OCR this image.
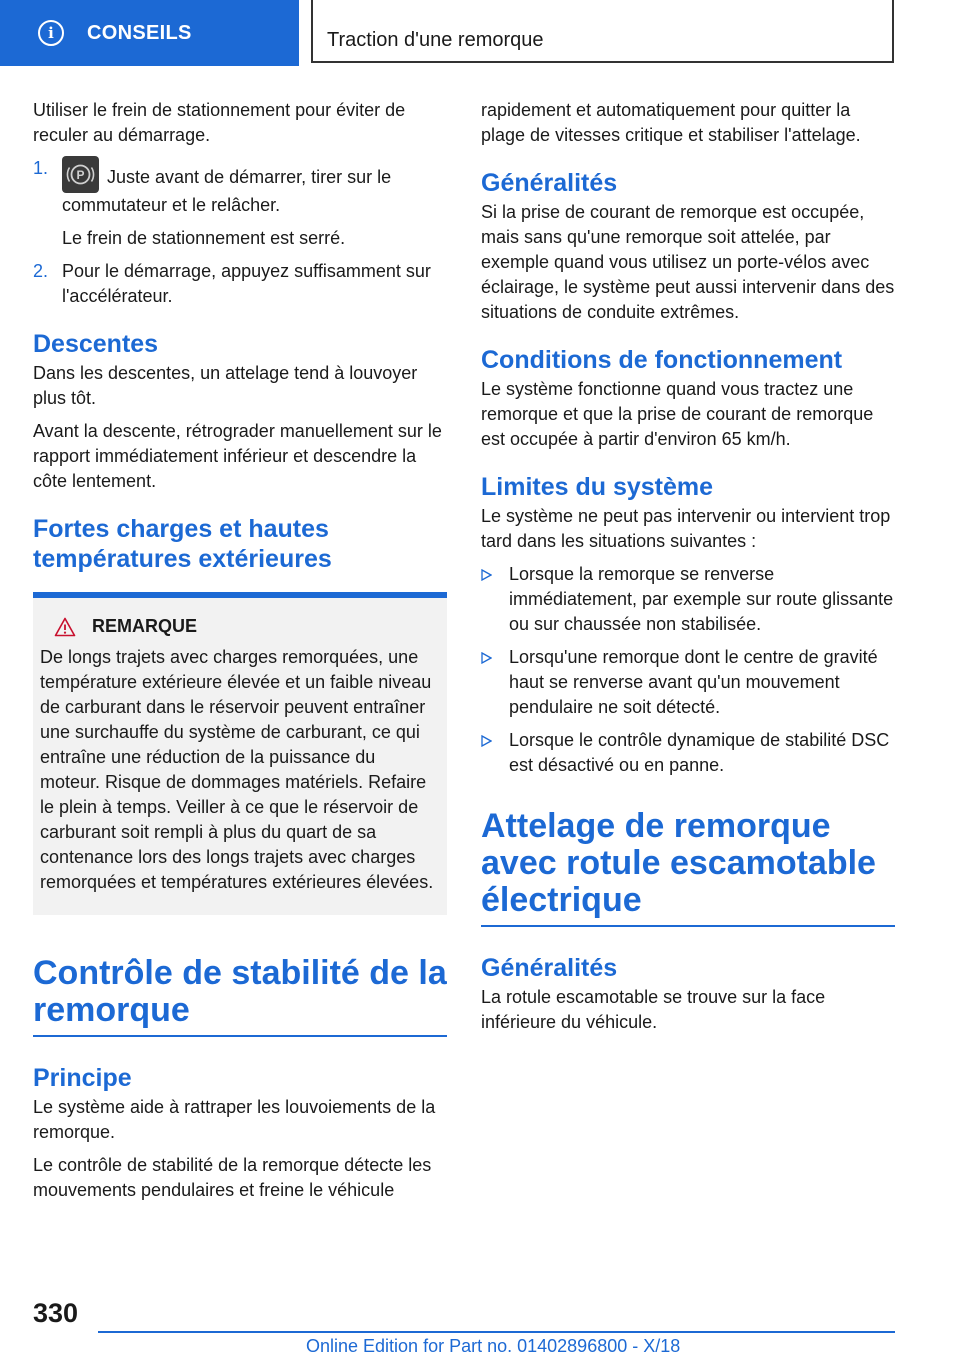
i	CONSEILS	Traction d'une remorque

Utiliser le frein de stationnement pour éviter de reculer au démarrage.

1. P Juste avant de démarrer, tirer sur le commutateur et le relâcher.

Le frein de stationnement est serré.

2. Pour le démarrage, appuyez suffisamment sur l'accélérateur.

Descentes

Dans les descentes, un attelage tend à louvoyer plus tôt.

Avant la descente, rétrograder manuellement sur le rapport immédiatement inférieur et descendre la côte lentement.

Fortes charges et hautes températures extérieures
REMARQUE

De longs trajets avec charges remorquées, une température extérieure élevée et un faible niveau de carburant dans le réservoir peuvent entraîner une surchauffe du système de carburant, ce qui entraîne une réduction de la puissance du moteur. Risque de dommages matériels. Refaire le plein à temps. Veiller à ce que le réservoir de carburant soit rempli à plus du quart de sa contenance lors des longs trajets avec charges remorquées et températures extérieures élevées.

Contrôle de stabilité de la remorque
Principe

Le système aide à rattraper les louvoiements de la remorque.

Le contrôle de stabilité de la remorque détecte les mouvements pendulaires et freine le véhicule

rapidement et automatiquement pour quitter la plage de vitesses critique et stabiliser l'attelage.

Généralités

Si la prise de courant de remorque est occupée, mais sans qu'une remorque soit attelée, par exemple quand vous utilisez un porte-vélos avec éclairage, le système peut aussi intervenir dans des situations de conduite extrêmes.

Conditions de fonctionnement

Le système fonctionne quand vous tractez une remorque et que la prise de courant de remorque est occupée à partir d'environ 65 km/h.

Limites du système

Le système ne peut pas intervenir ou intervient trop tard dans les situations suivantes :

Lorsque la remorque se renverse immédiatement, par exemple sur route glissante ou sur chaussée non stabilisée.
Lorsqu'une remorque dont le centre de gravité haut se renverse avant qu'un mouvement pendulaire ne soit détecté.
Lorsque le contrôle dynamique de stabilité DSC est désactivé ou en panne.
Attelage de remorque avec rotule escamotable électrique
Généralités

La rotule escamotable se trouve sur la face inférieure du véhicule.

330
Online Edition for Part no. 01402896800 - X/18
